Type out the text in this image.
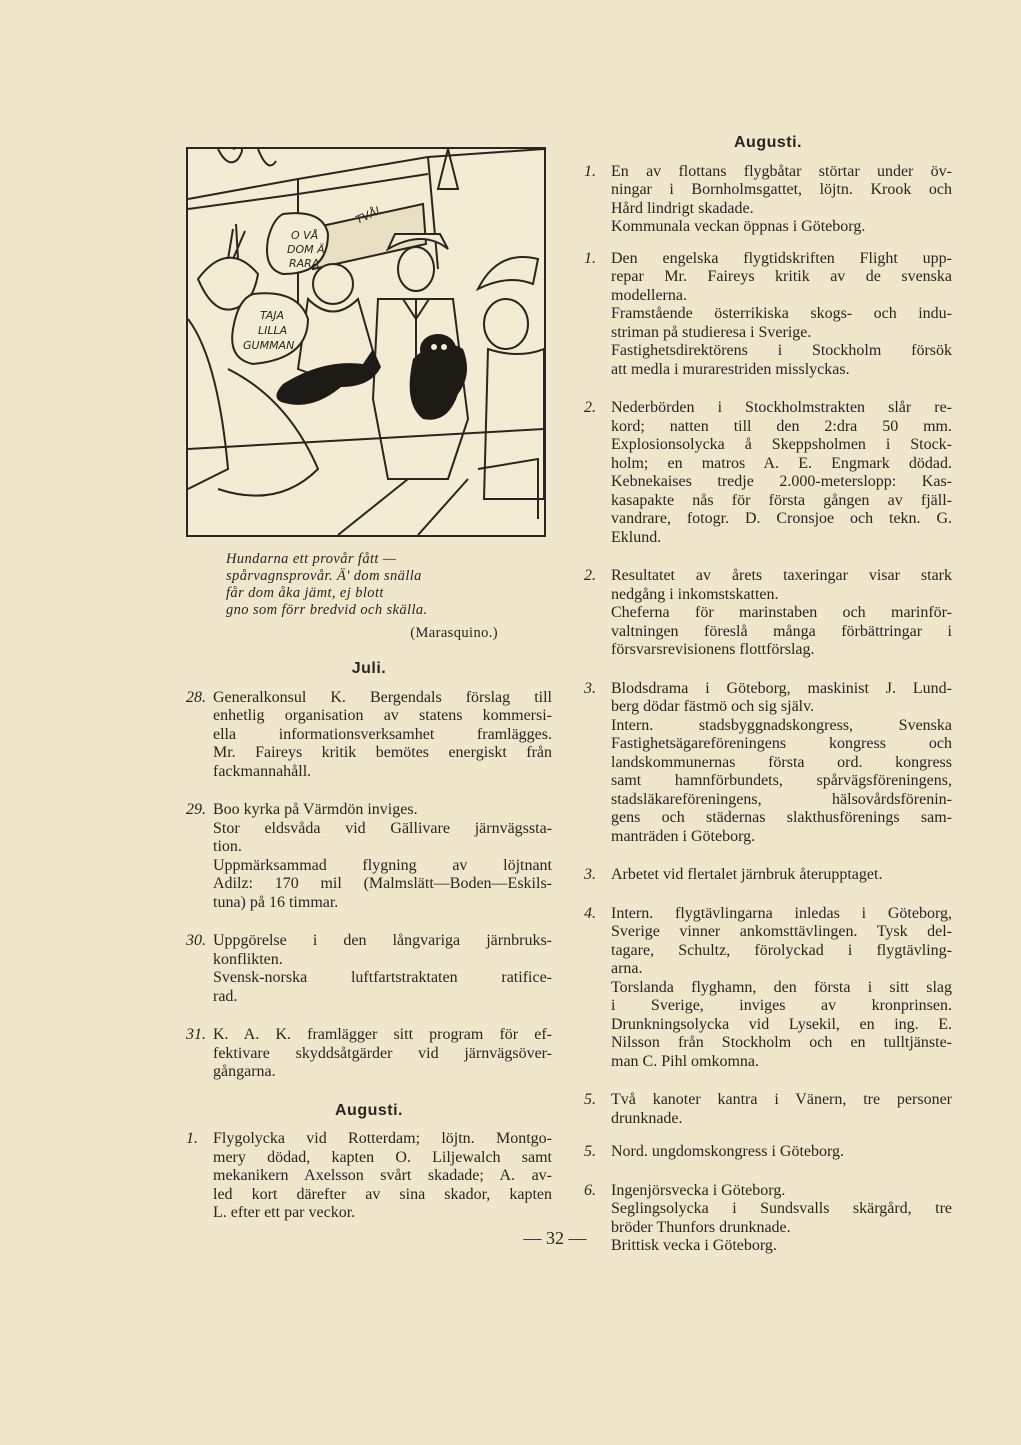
O VÅ
DOM Ä
RARA
TAJA
LILLA
GUMMAN
TVÅL
Hundarna ett provår fått —
spårvagnsprovår. Ä' dom snälla
får dom åka jämt, ej blott
gno som förr bredvid och skälla.
(Marasquino.)
Juli.
28. Generalkonsul K. Bergendals förslag till
enhetlig organisation av statens kommersi-
ella informationsverksamhet framlägges.
Mr. Faireys kritik bemötes energiskt från
fackmannahåll.
29. Boo kyrka på Värmdön inviges.
Stor eldsvåda vid Gällivare järnvägssta-
tion.
Uppmärksammad flygning av löjtnant
Adilz: 170 mil (Malmslätt—Boden—Eskils-
tuna) på 16 timmar.
30. Uppgörelse i den långvariga järnbruks-
konflikten.
Svensk-norska luftfartstraktaten ratifice-
rad.
31. K. A. K. framlägger sitt program för ef-
fektivare skyddsåtgärder vid järnvägsöver-
gångarna.
Augusti.
1. Flygolycka vid Rotterdam; löjtn. Montgo-
mery dödad, kapten O. Liljewalch samt
mekanikern Axelsson svårt skadade; A. av-
led kort därefter av sina skador, kapten
L. efter ett par veckor.
Augusti.
1. En av flottans flygbåtar störtar under öv-
ningar i Bornholmsgattet, löjtn. Krook och
Hård lindrigt skadade.
Kommunala veckan öppnas i Göteborg.
1. Den engelska flygtidskriften Flight upp-
repar Mr. Faireys kritik av de svenska
modellerna.
Framstående österrikiska skogs- och indu-
striman på studieresa i Sverige.
Fastighetsdirektörens i Stockholm försök
att medla i murarestriden misslyckas.
2. Nederbörden i Stockholmstrakten slår re-
kord; natten till den 2:dra 50 mm.
Explosionsolycka å Skeppsholmen i Stock-
holm; en matros A. E. Engmark dödad.
Kebnekaises tredje 2.000-meterslopp: Kas-
kasapakte nås för första gången av fjäll-
vandrare, fotogr. D. Cronsjoe och tekn. G.
Eklund.
2. Resultatet av årets taxeringar visar stark
nedgång i inkomstskatten.
Cheferna för marinstaben och marinför-
valtningen föreslå många förbättringar i
försvarsrevisionens flottförslag.
3. Blodsdrama i Göteborg, maskinist J. Lund-
berg dödar fästmö och sig själv.
Intern. stadsbyggnadskongress, Svenska
Fastighetsägareföreningens kongress och
landskommunernas första ord. kongress
samt hamnförbundets, spårvägsföreningens,
stadsläkareföreningens, hälsovårdsförenin-
gens och städernas slakthusförenings sam-
manträden i Göteborg.
3. Arbetet vid flertalet järnbruk återupptaget.
4. Intern. flygtävlingarna inledas i Göteborg,
Sverige vinner ankomsttävlingen. Tysk del-
tagare, Schultz, förolyckad i flygtävling-
arna.
Torslanda flyghamn, den första i sitt slag
i Sverige, inviges av kronprinsen.
Drunkningsolycka vid Lysekil, en ing. E.
Nilsson från Stockholm och en tulltjänste-
man C. Pihl omkomna.
5. Två kanoter kantra i Vänern, tre personer
drunknade.
5. Nord. ungdomskongress i Göteborg.
6. Ingenjörsvecka i Göteborg.
Seglingsolycka i Sundsvalls skärgård, tre
bröder Thunfors drunknade.
Brittisk vecka i Göteborg.
— 32 —
